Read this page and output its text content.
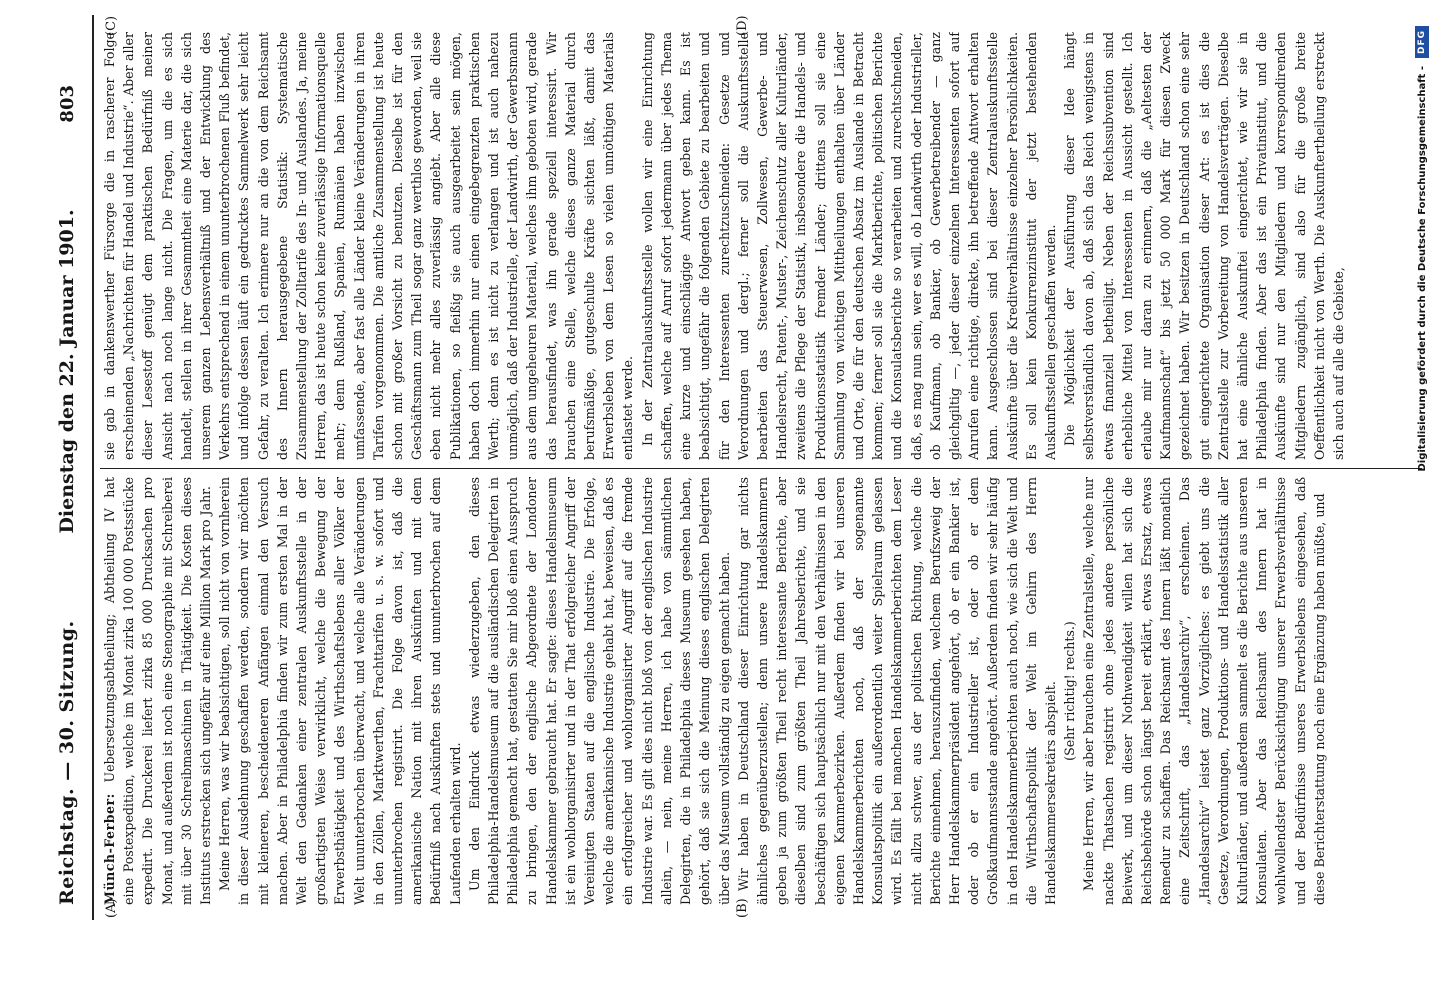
Reichstag. — 30. Sitzung.
Dienstag den 22. Januar 1901.
803
(A)	(B)
(C)	(D)

Münch-Ferber: Uebersetzungsabtheilung; Abtheilung IV hat eine Postexpedition, welche im Monat zirka 100 000 Postsstücke expedirt. Die Druckerei liefert zirka 85 000 Drucksachen pro Monat, und außerdem ist noch eine Stenographie mit Schreiberei mit über 30 Schreibmaschinen in Thätigkeit. Die Kosten dieses Instituts erstrecken sich ungefähr auf eine Million Mark pro Jahr. Meine Herren, was wir beabsichtigen, soll nicht von vornherein in dieser Ausdehnung geschaffen werden, sondern wir möchten mit kleineren, bescheideneren Anfängen einmal den Versuch machen. Aber in Philadelphia finden wir zum ersten Mal in der Welt den Gedanken einer zentralen Auskunftsstelle in der großartigsten Weise verwirklicht, welche die Bewegung der Erwerbsthätigkeit und des Wirthschaftslebens aller Völker der Welt ununterbrochen überwacht, und welche alle Veränderungen in den Zöllen, Marktwerthen, Frachttarifen u. s. w. sofort und ununterbrochen registrirt. Die Folge davon ist, daß die amerikanische Nation mit ihren Auskünften und mit dem Bedürfniß nach Auskünften stets und ununterbrochen auf dem Laufenden erhalten wird. Um den Eindruck etwas wiederzugeben, den dieses Philadelphia-Handelsmuseum auf die ausländischen Delegirten in Philadelphia gemacht hat, gestatten Sie mir bloß einen Ausspruch zu bringen, den der englische Abgeordnete der Londoner Handelskammer gebraucht hat. Er sagte: dieses Handelsmuseum ist ein wohlorganisirter und in der That erfolgreicher Angriff der Vereinigten Staaten auf die englische Industrie. Die Erfolge, welche die amerikanische Industrie gehabt hat, beweisen, daß es ein erfolgreicher und wohlorganisirter Angriff auf die fremde Industrie war. Es gilt dies nicht bloß von der englischen Industrie allein, — nein, meine Herren, ich habe von sämmtlichen Delegirten, die in Philadelphia dieses Museum gesehen haben, gehört, daß sie sich die Meinung dieses englischen Delegirten über das Museum vollständig zu eigen gemacht haben. Wir haben in Deutschland dieser Einrichtung gar nichts ähnliches gegenüberzustellen; denn unsere Handelskammern geben ja zum größten Theil recht interessante Berichte, aber dieselben sind zum größten Theil Jahresberichte, und sie beschäftigen sich hauptsächlich nur mit den Verhältnissen in den eigenen Kammerbezirken. Außerdem finden wir bei unseren Handelskammerberichten noch, daß der sogenannte Konsulatspolitik ein außerordentlich weiter Spielraum gelassen wird. Es fällt bei manchen Handelskammerberichten dem Leser nicht allzu schwer, aus der politischen Richtung, welche die Berichte einnehmen, herauszufinden, welchem Berufszweig der Herr Handelskammerpräsident angehört, ob er ein Bankier ist, oder ob er ein Industrieller ist, oder ob er dem Großkaufmannsstande angehört. Außerdem finden wir sehr häufig in den Handelskammerberichten auch noch, wie sich die Welt und die Wirthschaftspolitik der Welt im Gehirn des Herrn Handelskammersekretärs abspielt. (Sehr richtig! rechts.) Meine Herren, wir aber brauchen eine Zentralstelle, welche nur nackte Thatsachen registrirt ohne jedes andere persönliche Beiwerk, und um dieser Nothwendigkeit willen hat sich die Reichsbehörde schon längst bereit erklärt, etwas Ersatz, etwas Remedur zu schaffen. Das Reichsamt des Innern läßt monatlich eine Zeitschrift, das „Handelsarchiv“, erscheinen. Das „Handelsarchiv“ leistet ganz Vorzügliches: es giebt uns die Gesetze, Verordnungen, Produktions- und Handelsstatistik aller Kulturländer, und außerdem sammelt es die Berichte aus unseren Konsulaten. Aber das Reichsamt des Innern hat in wohlwollendster Berücksichtigung unserer Erwerbsverhältnisse und der Bedürfnisse unseres Erwerbslebens eingesehen, daß diese Berichterstattung noch eine Ergänzung haben müßte, und

sie gab in dankenswerther Fürsorge die in rascherer Folge erscheinenden „Nachrichten für Handel und Industrie“. Aber aller dieser Lesestoff genügt dem praktischen Bedürfniß meiner Ansicht nach noch lange nicht. Die Fragen, um die es sich handelt, stellen in ihrer Gesammtheit eine Materie dar, die sich unserem ganzen Lebensverhältniß und der Entwicklung des Verkehrs entsprechend in einem ununterbrochenen Fluß befindet, und infolge dessen läuft ein gedrucktes Sammelwerk sehr leicht Gefahr, zu veralten. Ich erinnere nur an die von dem Reichsamt des Innern herausgegebene Statistik: Systematische Zusammenstellung der Zolltarife des In- und Auslandes. Ja, meine Herren, das ist heute schon keine zuverlässige Informationsquelle mehr; denn Rußland, Spanien, Rumänien haben inzwischen umfassende, aber fast alle Länder kleine Veränderungen in ihren Tarifen vorgenommen. Die amtliche Zusammenstellung ist heute schon mit großer Vorsicht zu benutzen. Dieselbe ist für den Geschäftsmann zum Theil sogar ganz werthlos geworden, weil sie eben nicht mehr alles zuverlässig angiebt. Aber alle diese Publikationen, so fleißig sie auch ausgearbeitet sein mögen, haben doch immerhin nur einen eingebegrenzten praktischen Werth; denn es ist nicht zu verlangen und ist auch nahezu unmöglich, daß der Industrielle, der Landwirth, der Gewerbsmann aus dem ungeheuren Material, welches ihm geboten wird, gerade das herausfindet, was ihn gerade speziell interessirt. Wir brauchen eine Stelle, welche dieses ganze Material durch berufsmäßige, gutgeschulte Kräfte sichten läßt, damit das Erwerbsleben von dem Lesen so vielen unnöthigen Materials entlastet werde. In der Zentralauskunftsstelle wollen wir eine Einrichtung schaffen, welche auf Anruf sofort jedermann über jedes Thema eine kurze und einschlägige Antwort geben kann. Es ist beabsichtigt, ungefähr die folgenden Gebiete zu bearbeiten und für den Interessenten zurechtzuschneiden: Gesetze und Verordnungen und dergl.; ferner soll die Auskunftsstelle bearbeiten das Steuerwesen, Zollwesen, Gewerbe- und Handelsrecht, Patent-, Muster-, Zeichenschutz aller Kulturländer, zweitens die Pflege der Statistik, insbesondere die Handels- und Produktionsstatistik fremder Länder; drittens soll sie eine Sammlung von wichtigen Mittheilungen enthalten über Länder und Orte, die für den deutschen Absatz im Auslande in Betracht kommen; ferner soll sie die Marktberichte, politischen Berichte und die Konsulatsberichte so verarbeiten und zurechtschneiden, daß, es mag nun sein, wer es will, ob Landwirth oder Industrieller, ob Kaufmann, ob Bankier, ob Gewerbetreibender — ganz gleichgiltig —, jeder dieser einzelnen Interessenten sofort auf Anrufen eine richtige, direkte, ihn betreffende Antwort erhalten kann. Ausgeschlossen sind bei dieser Zentralauskunftsstelle Auskünfte über die Kreditverhältnisse einzelner Persönlichkeiten. Es soll kein Konkurrenzinstitut der jetzt bestehenden Auskunftsstellen geschaffen werden. Die Möglichkeit der Ausführung dieser Idee hängt selbstverständlich davon ab, daß sich das Reich wenigstens in etwas finanziell betheiligt. Neben der Reichssubvention sind erhebliche Mittel von Interessenten in Aussicht gestellt. Ich erlaube mir nur daran zu erinnern, daß die „Aeltesten der Kaufmannschaft“ bis jetzt 50 000 Mark für diesen Zweck gezeichnet haben. Wir besitzen in Deutschland schon eine sehr gut eingerichtete Organisation dieser Art: es ist dies die Zentralstelle zur Vorbereitung von Handelsverträgen. Dieselbe hat eine ähnliche Auskunftei eingerichtet, wie wir sie in Philadelphia finden. Aber das ist ein Privatinstitut, und die Auskünfte sind nur den Mitgliedern und korrespondirenden Mitgliedern zugänglich, sind also für die große breite Oeffentlichkeit nicht von Werth. Die Auskunftertheilung erstreckt sich auch auf alle die Gebiete,	Digitalisierung gefördert durch die Deutsche Forschungsgemeinschaft -
DFG
